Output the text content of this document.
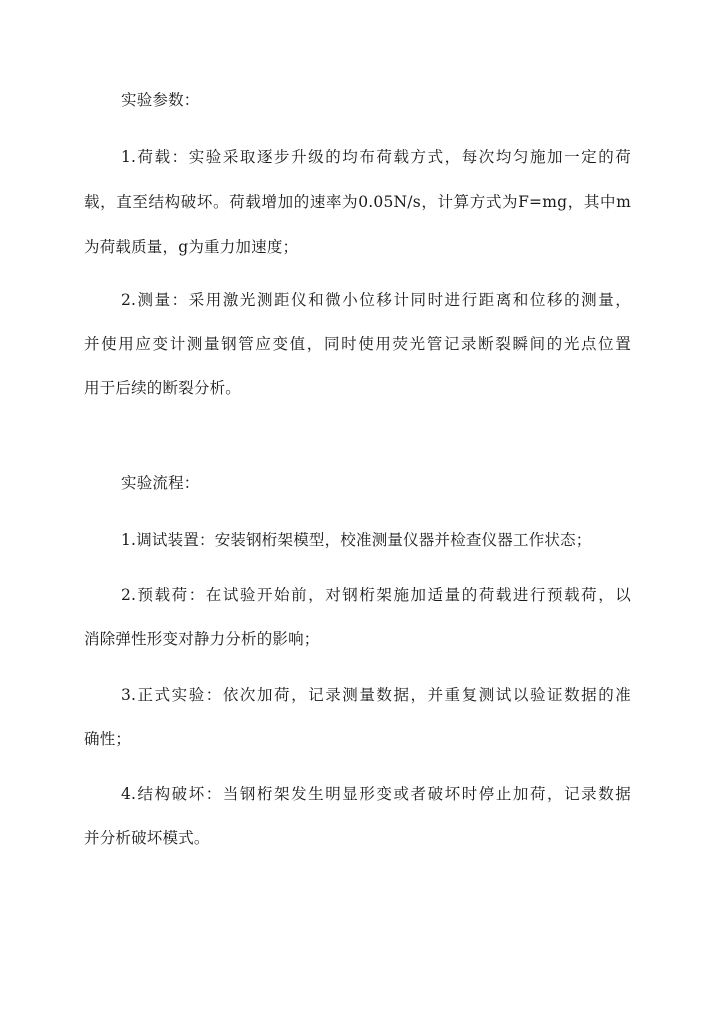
实验参数：
1.荷载：实验采取逐步升级的均布荷载方式，每次均匀施加一定的荷
载，直至结构破坏。荷载增加的速率为0.05N/s，计算方式为F=mg，其中m
为荷载质量，g为重力加速度；
2.测量：采用激光测距仪和微小位移计同时进行距离和位移的测量，
并使用应变计测量钢管应变值，同时使用荧光管记录断裂瞬间的光点位置
用于后续的断裂分析。
实验流程：
1.调试装置：安装钢桁架模型，校准测量仪器并检查仪器工作状态；
2.预载荷：在试验开始前，对钢桁架施加适量的荷载进行预载荷，以
消除弹性形变对静力分析的影响；
3.正式实验：依次加荷，记录测量数据，并重复测试以验证数据的准
确性；
4.结构破坏：当钢桁架发生明显形变或者破坏时停止加荷，记录数据
并分析破坏模式。
